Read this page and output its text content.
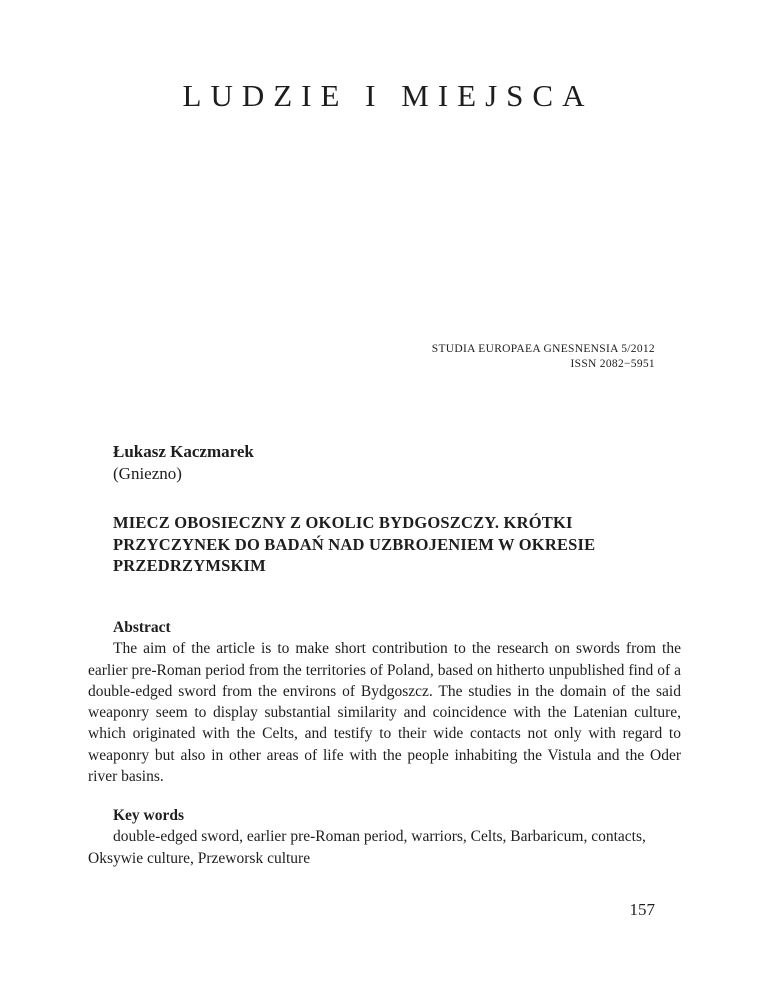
LUDZIE I MIEJSCA
STUDIA EUROPAEA GNESNENSIA 5/2012
ISSN 2082−5951
Łukasz Kaczmarek
(Gniezno)
MIECZ OBOSIECZNY Z OKOLIC BYDGOSZCZY. KRÓTKI PRZYCZYNEK DO BADAŃ NAD UZBROJENIEM W OKRESIE PRZEDRZYMSKIM
Abstract

The aim of the article is to make short contribution to the research on swords from the earlier pre-Roman period from the territories of Poland, based on hitherto unpublished find of a double-edged sword from the environs of Bydgoszcz. The studies in the domain of the said weaponry seem to display substantial similarity and coincidence with the Latenian culture, which originated with the Celts, and testify to their wide contacts not only with regard to weaponry but also in other areas of life with the people inhabiting the Vistula and the Oder river basins.

Key words

double-edged sword, earlier pre-Roman period, warriors, Celts, Barbaricum, contacts, Oksywie culture, Przeworsk culture

157
